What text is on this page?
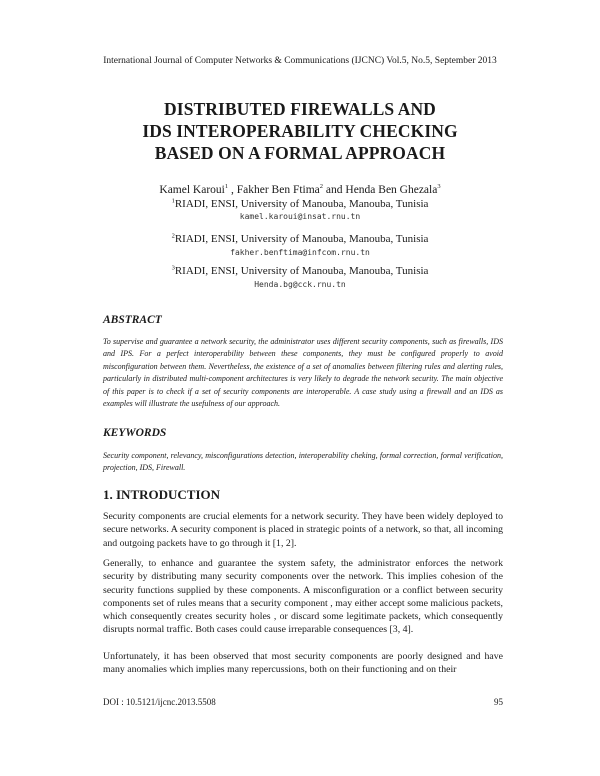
International Journal of Computer Networks & Communications (IJCNC) Vol.5, No.5, September 2013
DISTRIBUTED FIREWALLS AND
IDS INTEROPERABILITY CHECKING
BASED ON A FORMAL APPROACH
Kamel Karoui$^1$ , Fakher Ben Ftima$^2$ and Henda Ben Ghezala$^3$
$^1$RIADI, ENSI, University of Manouba, Manouba, Tunisia
kamel.karoui@insat.rnu.tn
$^2$RIADI, ENSI, University of Manouba, Manouba, Tunisia
fakher.benftima@infcom.rnu.tn
$^3$RIADI, ENSI, University of Manouba, Manouba, Tunisia
Henda.bg@cck.rnu.tn
ABSTRACT
To supervise and guarantee a network security, the administrator uses different security components, such as firewalls, IDS and IPS. For a perfect interoperability between these components, they must be configured properly to avoid misconfiguration between them. Nevertheless, the existence of a set of anomalies between filtering rules and alerting rules, particularly in distributed multi-component architectures is very likely to degrade the network security. The main objective of this paper is to check if a set of security components are interoperable. A case study using a firewall and an IDS as examples will illustrate the usefulness of our approach.
KEYWORDS
Security component, relevancy, misconfigurations detection, interoperability cheking, formal correction, formal verification, projection, IDS, Firewall.
1. INTRODUCTION
Security components are crucial elements for a network security. They have been widely deployed to secure networks. A security component is placed in strategic points of a network, so that, all incoming and outgoing packets have to go through it [1, 2].
Generally, to enhance and guarantee the system safety, the administrator enforces the network security by distributing many security components over the network. This implies cohesion of the security functions supplied by these components. A misconfiguration or a conflict between security components set of rules means that a security component , may either accept some malicious packets, which consequently creates security holes , or discard some legitimate packets, which consequently disrupts normal traffic. Both cases could cause irreparable consequences [3, 4].
Unfortunately, it has been observed that most security components are poorly designed and have many anomalies which implies many repercussions, both on their functioning and on their
DOI : 10.5121/ijcnc.2013.5508	95
